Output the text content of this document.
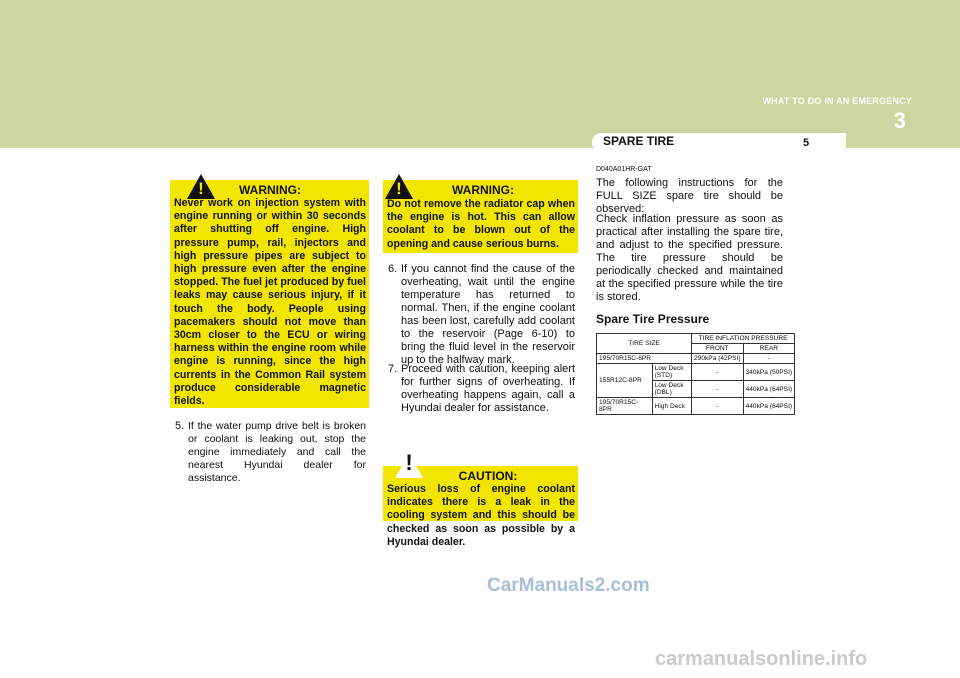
WHAT TO DO IN AN EMERGENCY
3
SPARE TIRE	5
!	WARNING:
Never work on injection system with engine running or within 30 seconds after shutting off engine. High pressure pump, rail, injectors and high pressure pipes are subject to high pressure even after the engine stopped. The fuel jet produced by fuel leaks may cause serious injury, if it touch the body. People using pacemakers should not move than 30cm closer to the ECU or wiring harness within the engine room while engine is running, since the high currents in the Common Rail system produce considerable magnetic fields.
5. If the water pump drive belt is broken or coolant is leaking out, stop the engine immediately and call the nearest Hyundai dealer for assistance.
!	WARNING:
Do not remove the radiator cap when the engine is hot. This can allow coolant to be blown out of the opening and cause serious burns.
6. If you cannot find the cause of the overheating, wait until the engine temperature has returned to normal. Then, if the engine coolant has been lost, carefully add coolant to the reservoir (Page 6-10) to bring the fluid level in the reservoir up to the halfway mark.
7. Proceed with caution, keeping alert for further signs of overheating. If overheating happens again, call a Hyundai dealer for assistance.
!
CAUTION:
Serious loss of engine coolant indicates there is a leak in the cooling system and this should be checked as soon as possible by a Hyundai dealer.
D040A01HR-GAT
The following instructions for the FULL SIZE spare tire should be observed:
Check inflation pressure as soon as practical after installing the spare tire, and adjust to the specified pressure. The tire pressure should be periodically checked and maintained at the specified pressure while the tire is stored.
Spare Tire Pressure
TIRE SIZE		TIRE INFLATION PRESSURE	
		FRONT	REAR
195/70R15C-6PR		290kPa (42PSI)	-
155R12C-8PR	Low Deck (STD)	-	340kPa (50PSI)
	Low Deck (DBL)	-	440kPa (64PSI)
195/70R15C-8PR	High Deck	-	440kPa (64PSI)
CarManuals2.com
carmanualsonline.info
